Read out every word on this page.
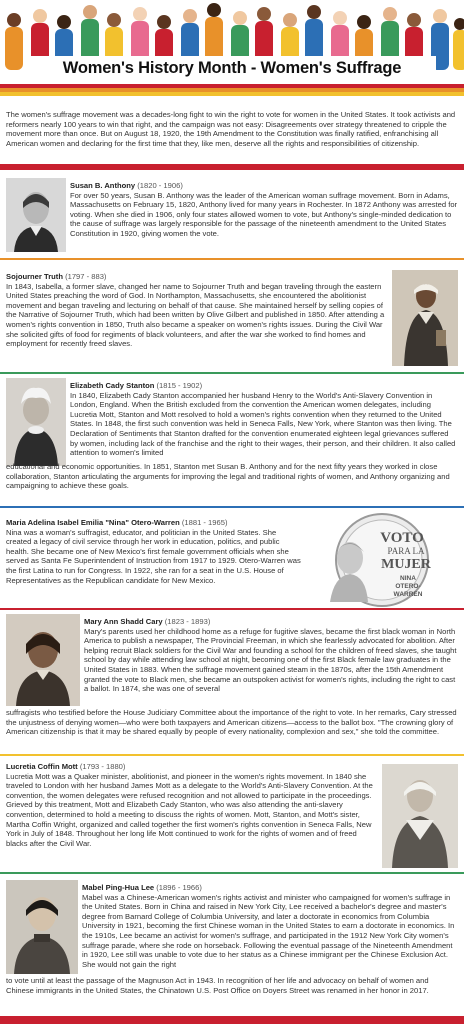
Women's History Month - Women's Suffrage
The women's suffrage movement was a decades-long fight to win the right to vote for women in the United States. It took activists and reformers nearly 100 years to win that right, and the campaign was not easy: Disagreements over strategy threatened to cripple the movement more than once. But on August 18, 1920, the 19th Amendment to the Constitution was finally ratified, enfranchising all American women and declaring for the first time that they, like men, deserve all the rights and responsibilities of citizenship.
Susan B. Anthony (1820 - 1906)
For over 50 years, Susan B. Anthony was the leader of the American woman suffrage movement. Born in Adams, Massachusetts on February 15, 1820, Anthony lived for many years in Rochester. In 1872 Anthony was arrested for voting. When she died in 1906, only four states allowed women to vote, but Anthony's single-minded dedication to the cause of suffrage was largely responsible for the passage of the nineteenth amendment to the United States Constitution in 1920, giving women the vote.
Sojourner Truth (1797 - 883)
In 1843, Isabella, a former slave, changed her name to Sojourner Truth and began traveling through the eastern United States preaching the word of God. In Northampton, Massachusetts, she encountered the abolitionist movement and began traveling and lecturing on behalf of that cause. She maintained herself by selling copies of the Narrative of Sojourner Truth, which had been written by Olive Gilbert and published in 1850. After attending a women's rights convention in 1850, Truth also became a speaker on women's rights issues. During the Civil War she solicited gifts of food for regiments of black volunteers, and after the war she worked to find homes and employment for recently freed slaves.
Elizabeth Cady Stanton (1815 - 1902)
In 1840, Elizabeth Cady Stanton accompanied her husband Henry to the World's Anti-Slavery Convention in London, England. When the British excluded from the convention the American women delegates, including Lucretia Mott, Stanton and Mott resolved to hold a women's rights convention when they returned to the United States. In 1848, the first such convention was held in Seneca Falls, New York, where Stanton was then living. The Declaration of Sentiments that Stanton drafted for the convention enumerated eighteen legal grievances suffered by women, including lack of the franchise and the right to their wages, their person, and their children. It also called attention to women's limited
educational and economic opportunities. In 1851, Stanton met Susan B. Anthony and for the next fifty years they worked in close collaboration, Stanton articulating the arguments for improving the legal and traditional rights of women, and Anthony organizing and campaigning to achieve these goals.
Maria Adelina Isabel Emilia "Nina" Otero-Warren (1881 - 1965)
Nina was a woman's suffragist, educator, and politician in the United States. She created a legacy of civil service through her work in education, politics, and public health. She became one of New Mexico's first female government officials when she served as Santa Fe Superintendent of Instruction from 1917 to 1929. Otero-Warren was the first Latina to run for Congress. In 1922, she ran for a seat in the U.S. House of Representatives as the Republican candidate for New Mexico.
VOTO
PARA LA
MUJER
NINA
OTERO-
WARREN
Mary Ann Shadd Cary (1823 - 1893)
Mary's parents used her childhood home as a refuge for fugitive slaves, became the first black woman in North America to publish a newspaper, The Provincial Freeman, in which she fearlessly advocated for abolition. After helping recruit Black soldiers for the Civil War and founding a school for the children of freed slaves, she taught school by day while attending law school at night, becoming one of the first Black female law graduates in the United States in 1883. When the suffrage movement gained steam in the 1870s, after the 15th Amendment granted the vote to Black men, she became an outspoken activist for women's rights, including the right to cast a ballot. In 1874, she was one of several
suffragists who testified before the House Judiciary Committee about the importance of the right to vote. In her remarks, Cary stressed the unjustness of denying women—who were both taxpayers and American citizens—access to the ballot box. "The crowning glory of American citizenship is that it may be shared equally by people of every nationality, complexion and sex," she told the committee.
Lucretia Coffin Mott (1793 - 1880)
Lucretia Mott was a Quaker minister, abolitionist, and pioneer in the women's rights movement. In 1840 she traveled to London with her husband James Mott as a delegate to the World's Anti-Slavery Convention. At the convention, the women delegates were refused recognition and not allowed to participate in the proceedings. Grieved by this treatment, Mott and Elizabeth Cady Stanton, who was also attending the anti-slavery convention, determined to hold a meeting to discuss the rights of women. Mott, Stanton, and Mott's sister, Martha Coffin Wright, organized and called together the first women's rights convention in Seneca Falls, New York in July of 1848. Throughout her long life Mott continued to work for the rights of women and of freed blacks after the Civil War.
Mabel Ping-Hua Lee (1896 - 1966)
Mabel was a Chinese-American women's rights activist and minister who campaigned for women's suffrage in the United States. Born in China and raised in New York City, Lee received a bachelor's degree and master's degree from Barnard College of Columbia University, and later a doctorate in economics from Columbia University in 1921, becoming the first Chinese woman in the United States to earn a doctorate in economics. In the 1910s, Lee became an activist for women's suffrage, and participated in the 1912 New York City women's suffrage parade, where she rode on horseback. Following the eventual passage of the Nineteenth Amendment in 1920, Lee still was unable to vote due to her status as a Chinese immigrant per the Chinese Exclusion Act. She would not gain the right
to vote until at least the passage of the Magnuson Act in 1943. In recognition of her life and advocacy on behalf of women and Chinese immigrants in the United States, the Chinatown U.S. Post Office on Doyers Street was renamed in her honor in 2017.
